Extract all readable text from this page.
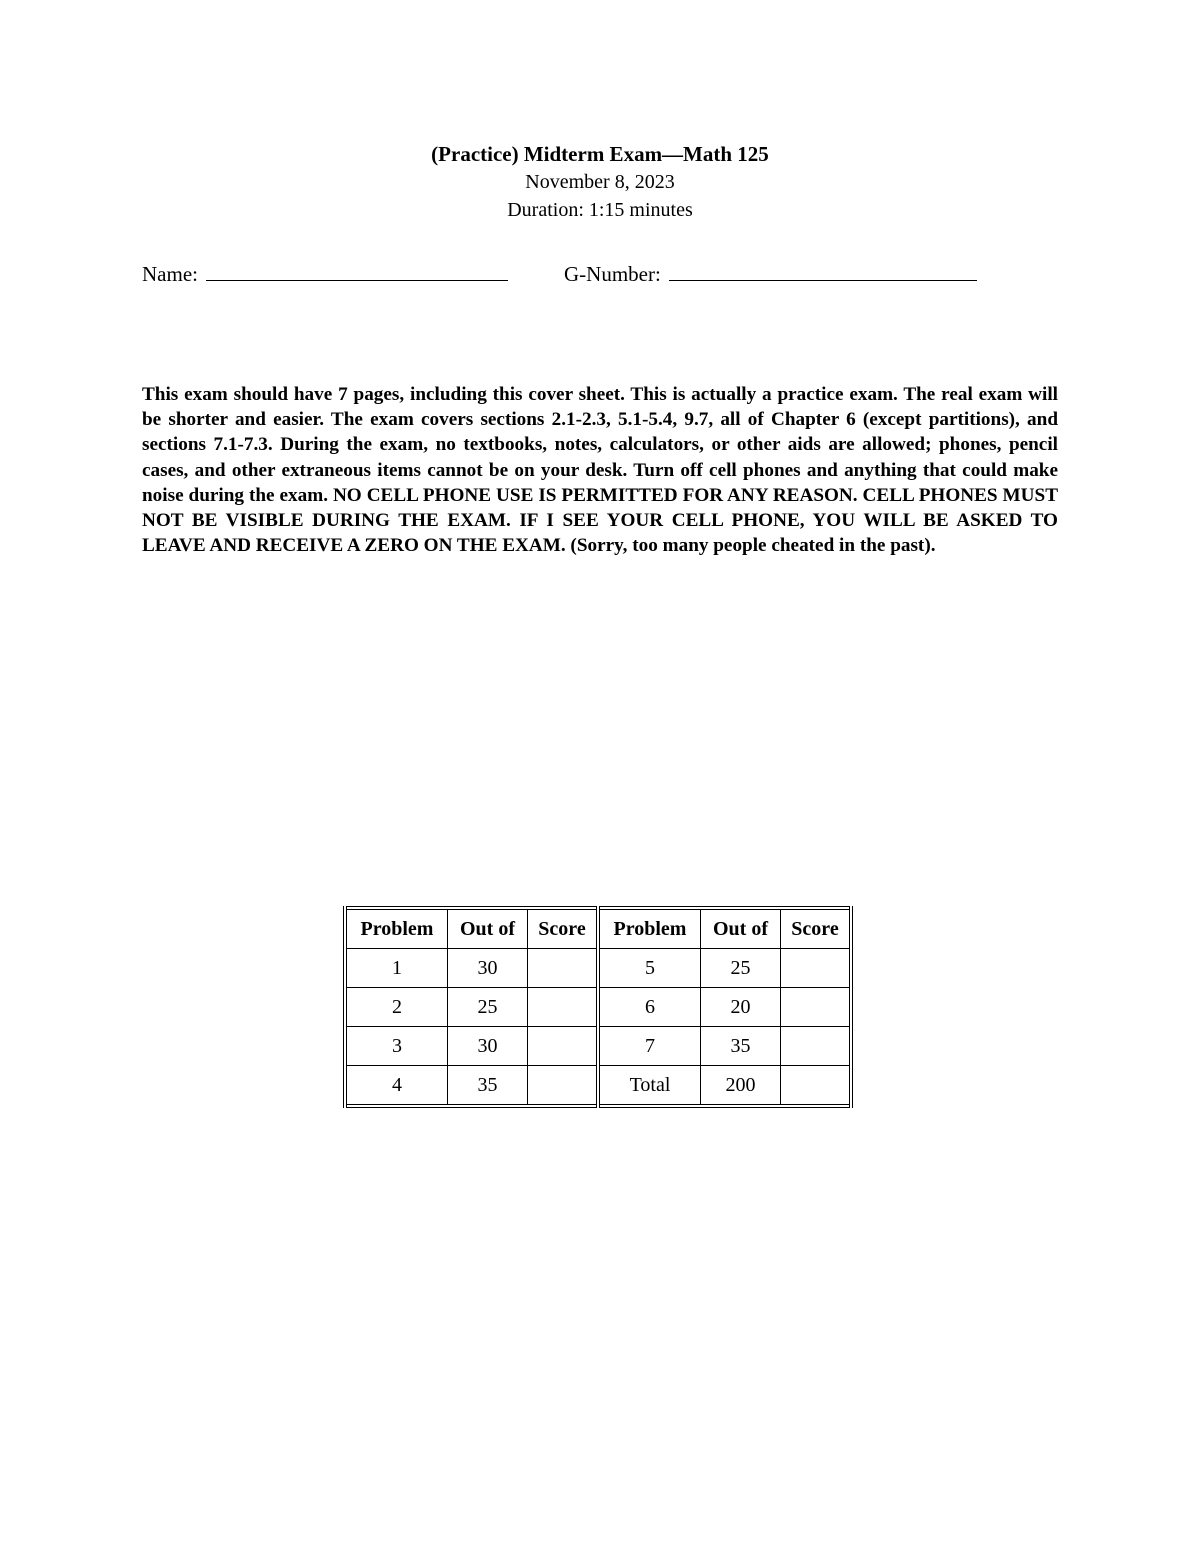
(Practice) Midterm Exam—Math 125
November 8, 2023
Duration: 1:15 minutes
Name:	G-Number:
This exam should have 7 pages, including this cover sheet. This is actually a practice exam. The real exam will be shorter and easier. The exam covers sections 2.1-2.3, 5.1-5.4, 9.7, all of Chapter 6 (except partitions), and sections 7.1-7.3. During the exam, no textbooks, notes, calculators, or other aids are allowed; phones, pencil cases, and other extraneous items cannot be on your desk. Turn off cell phones and anything that could make noise during the exam. NO CELL PHONE USE IS PERMITTED FOR ANY REASON. CELL PHONES MUST NOT BE VISIBLE DURING THE EXAM. IF I SEE YOUR CELL PHONE, YOU WILL BE ASKED TO LEAVE AND RECEIVE A ZERO ON THE EXAM. (Sorry, too many people cheated in the past).
Problem	Out of	Score	Problem	Out of	Score
1	30		5	25	
2	25		6	20	
3	30		7	35	
4	35		Total	200	
